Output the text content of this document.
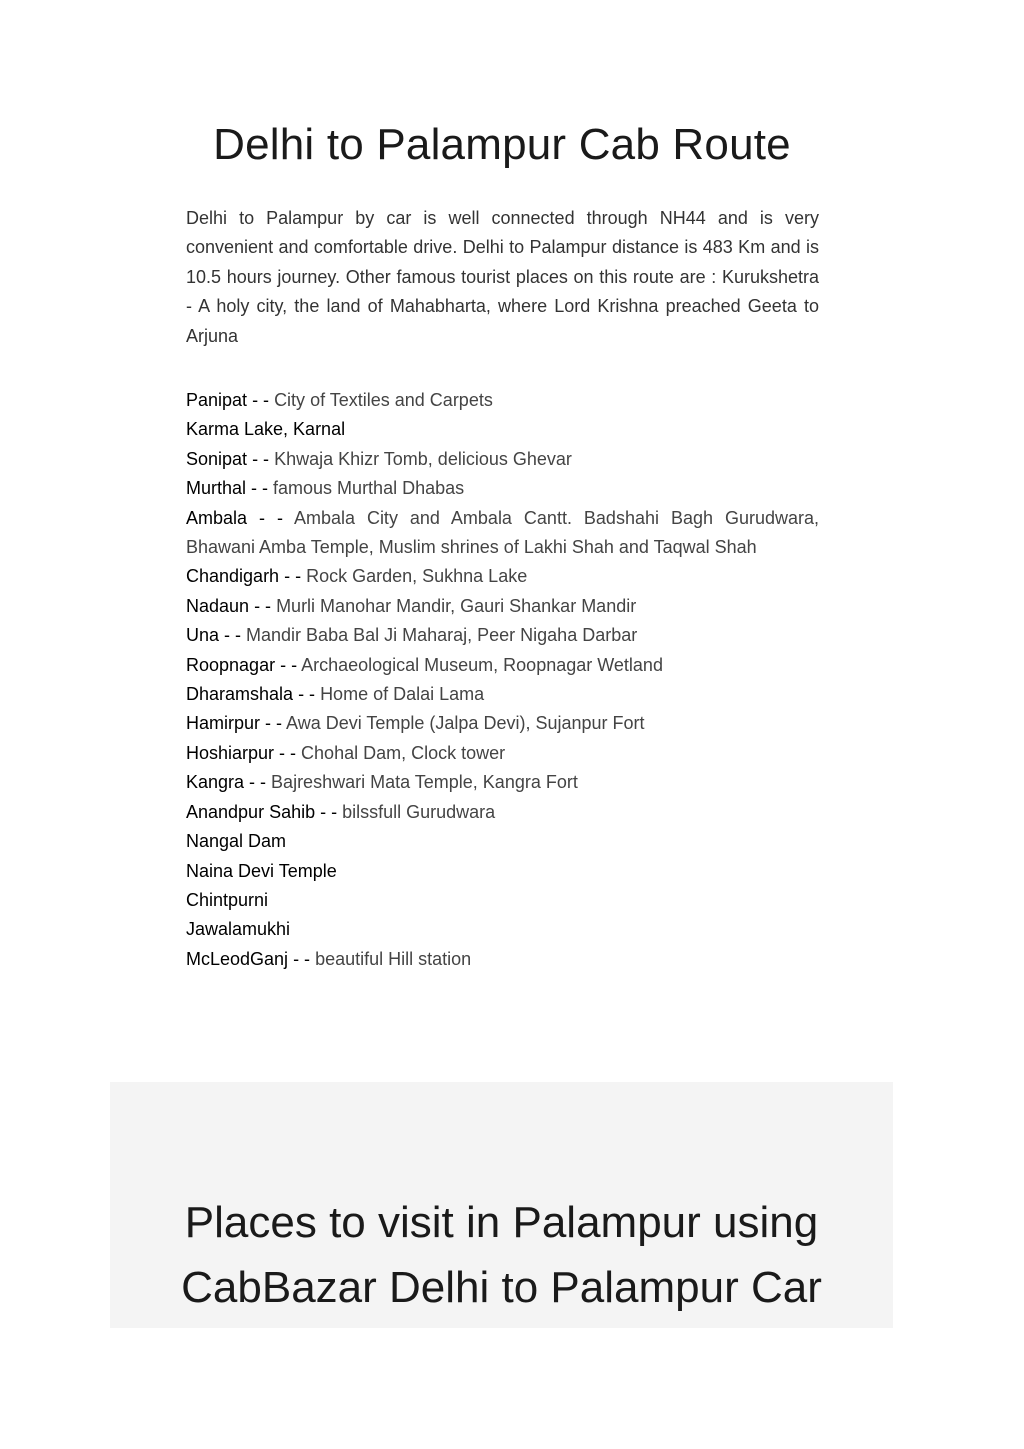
Delhi to Palampur Cab Route

Delhi to Palampur by car is well connected through NH44 and is very convenient and comfortable drive. Delhi to Palampur distance is 483 Km and is 10.5 hours journey. Other famous tourist places on this route are : Kurukshetra - A holy city, the land of Mahabharta, where Lord Krishna preached Geeta to Arjuna

Panipat - - City of Textiles and Carpets
Karma Lake, Karnal
Sonipat - - Khwaja Khizr Tomb, delicious Ghevar
Murthal - - famous Murthal Dhabas
Ambala - - Ambala City and Ambala Cantt. Badshahi Bagh Gurudwara, Bhawani Amba Temple, Muslim shrines of Lakhi Shah and Taqwal Shah
Chandigarh - - Rock Garden, Sukhna Lake
Nadaun - - Murli Manohar Mandir, Gauri Shankar Mandir
Una - - Mandir Baba Bal Ji Maharaj, Peer Nigaha Darbar
Roopnagar - - Archaeological Museum, Roopnagar Wetland
Dharamshala - - Home of Dalai Lama
Hamirpur - - Awa Devi Temple (Jalpa Devi), Sujanpur Fort
Hoshiarpur - - Chohal Dam, Clock tower
Kangra - - Bajreshwari Mata Temple, Kangra Fort
Anandpur Sahib - - bilssfull Gurudwara
Nangal Dam
Naina Devi Temple
Chintpurni
Jawalamukhi
McLeodGanj - - beautiful Hill station
Places to visit in Palampur using CabBazar Delhi to Palampur Car
